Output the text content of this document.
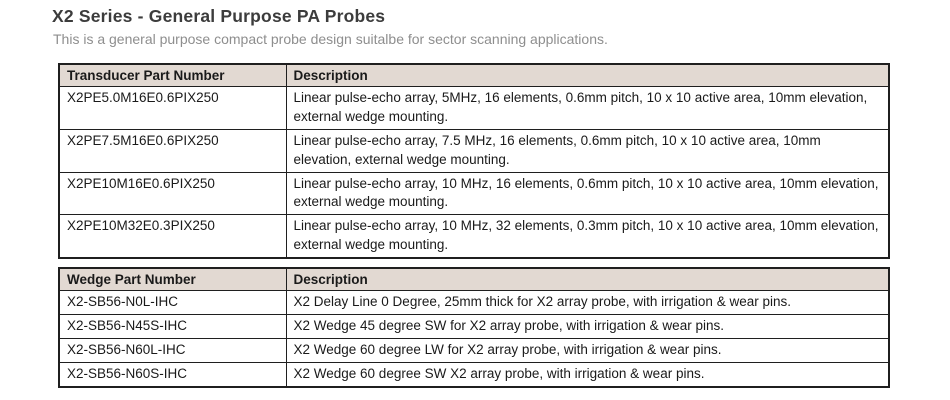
X2 Series - General Purpose PA Probes
This is a general purpose compact probe design suitalbe for sector scanning applications.
Transducer Part Number	Description
X2PE5.0M16E0.6PIX250	Linear pulse-echo array, 5MHz, 16 elements, 0.6mm pitch, 10 x 10 active area, 10mm elevation, external wedge mounting.
X2PE7.5M16E0.6PIX250	Linear pulse-echo array, 7.5 MHz, 16 elements, 0.6mm pitch, 10 x 10 active area, 10mm elevation, external wedge mounting.
X2PE10M16E0.6PIX250	Linear pulse-echo array, 10 MHz, 16 elements, 0.6mm pitch, 10 x 10 active area, 10mm elevation, external wedge mounting.
X2PE10M32E0.3PIX250	Linear pulse-echo array, 10 MHz, 32 elements, 0.3mm pitch, 10 x 10 active area, 10mm elevation, external wedge mounting.
Wedge Part Number	Description
X2-SB56-N0L-IHC	X2 Delay Line 0 Degree, 25mm thick for X2 array probe, with irrigation & wear pins.
X2-SB56-N45S-IHC	X2 Wedge 45 degree SW for X2 array probe, with irrigation & wear pins.
X2-SB56-N60L-IHC	X2 Wedge 60 degree LW for X2 array probe, with irrigation & wear pins.
X2-SB56-N60S-IHC	X2 Wedge 60 degree SW X2 array probe, with irrigation & wear pins.
